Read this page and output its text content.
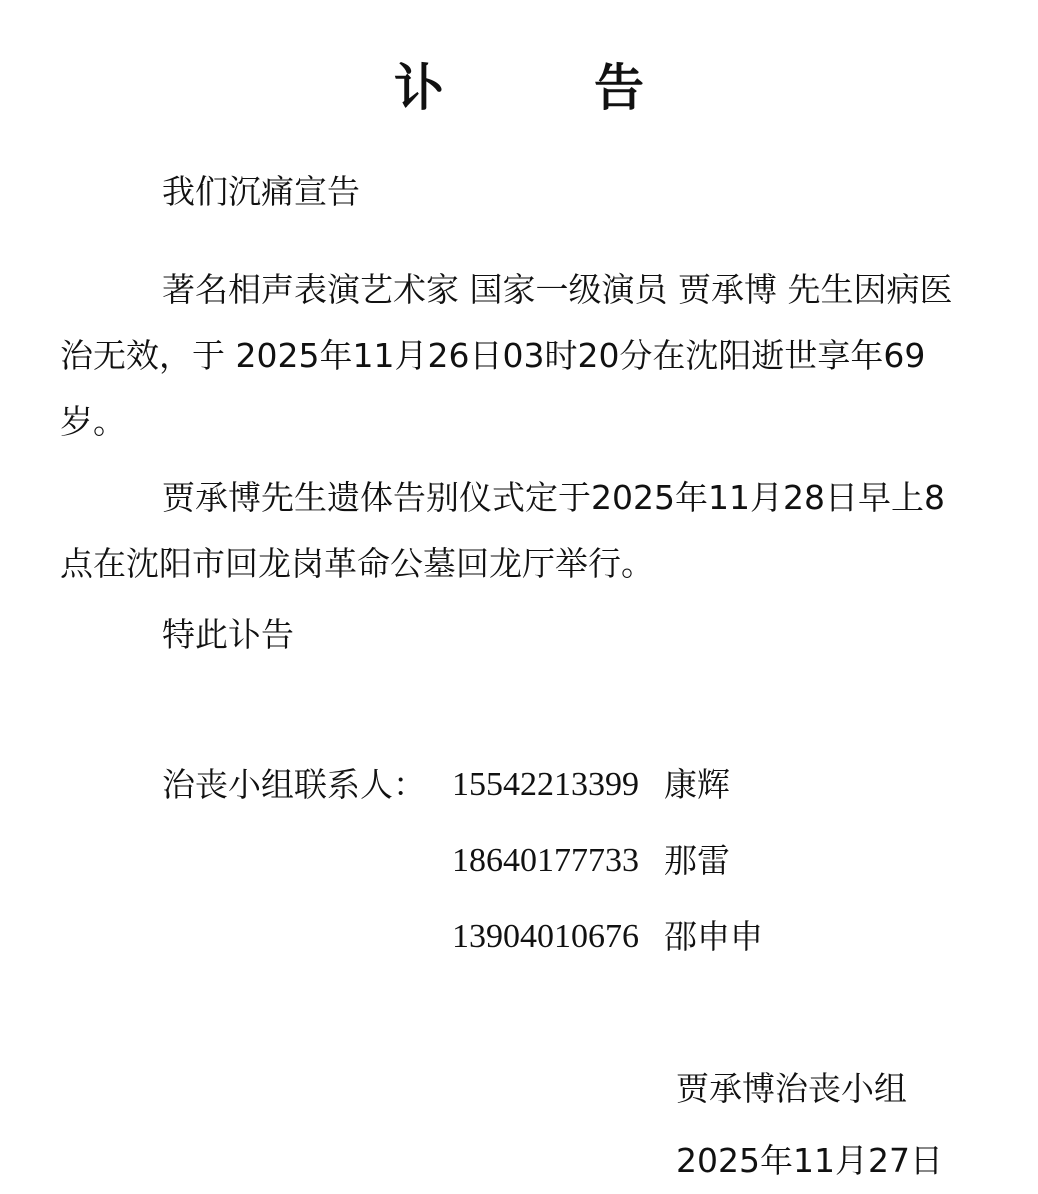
讣　告

我们沉痛宣告

著名相声表演艺术家 国家一级演员 贾承博 先生因病医治无效，于 2025年11月26日03时20分在沈阳逝世享年69岁。

贾承博先生遗体告别仪式定于2025年11月28日早上8点在沈阳市回龙岗革命公墓回龙厅举行。

特此讣告

治丧小组联系人： 15542213399 康辉
18640177733 那雷
13904010676 邵申申
贾承博治丧小组
2025年11月27日
